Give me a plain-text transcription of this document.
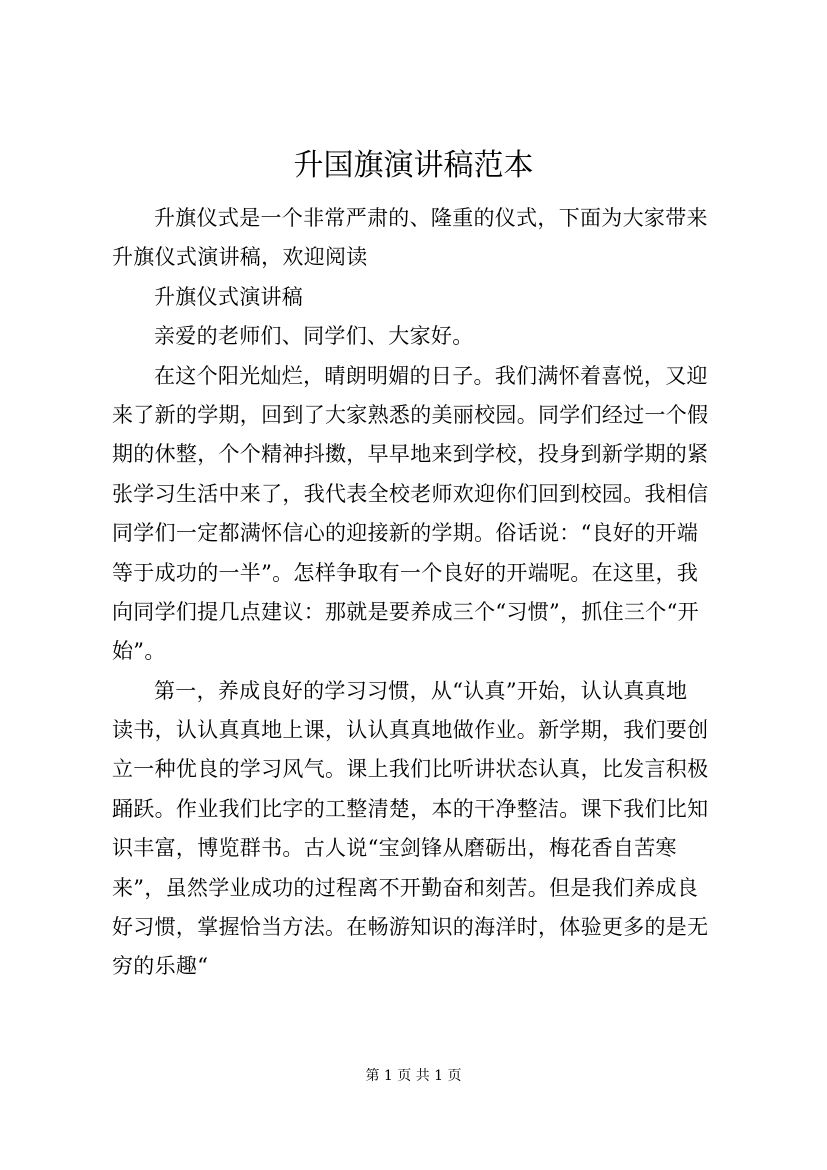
升国旗演讲稿范本
升旗仪式是一个非常严肃的、隆重的仪式，下面为大家带来
升旗仪式演讲稿，欢迎阅读
升旗仪式演讲稿
亲爱的老师们、同学们、大家好。
在这个阳光灿烂，晴朗明媚的日子。我们满怀着喜悦，又迎
来了新的学期，回到了大家熟悉的美丽校园。同学们经过一个假
期的休整，个个精神抖擞，早早地来到学校，投身到新学期的紧
张学习生活中来了，我代表全校老师欢迎你们回到校园。我相信
同学们一定都满怀信心的迎接新的学期。俗话说：“良好的开端
等于成功的一半”。怎样争取有一个良好的开端呢。在这里，我
向同学们提几点建议：那就是要养成三个“习惯”，抓住三个“开
始”。
第一，养成良好的学习习惯，从“认真”开始，认认真真地
读书，认认真真地上课，认认真真地做作业。新学期，我们要创
立一种优良的学习风气。课上我们比听讲状态认真，比发言积极
踊跃。作业我们比字的工整清楚，本的干净整洁。课下我们比知
识丰富，博览群书。古人说“宝剑锋从磨砺出，梅花香自苦寒
来”，虽然学业成功的过程离不开勤奋和刻苦。但是我们养成良
好习惯，掌握恰当方法。在畅游知识的海洋时，体验更多的是无
穷的乐趣“
第 1 页 共 1 页
